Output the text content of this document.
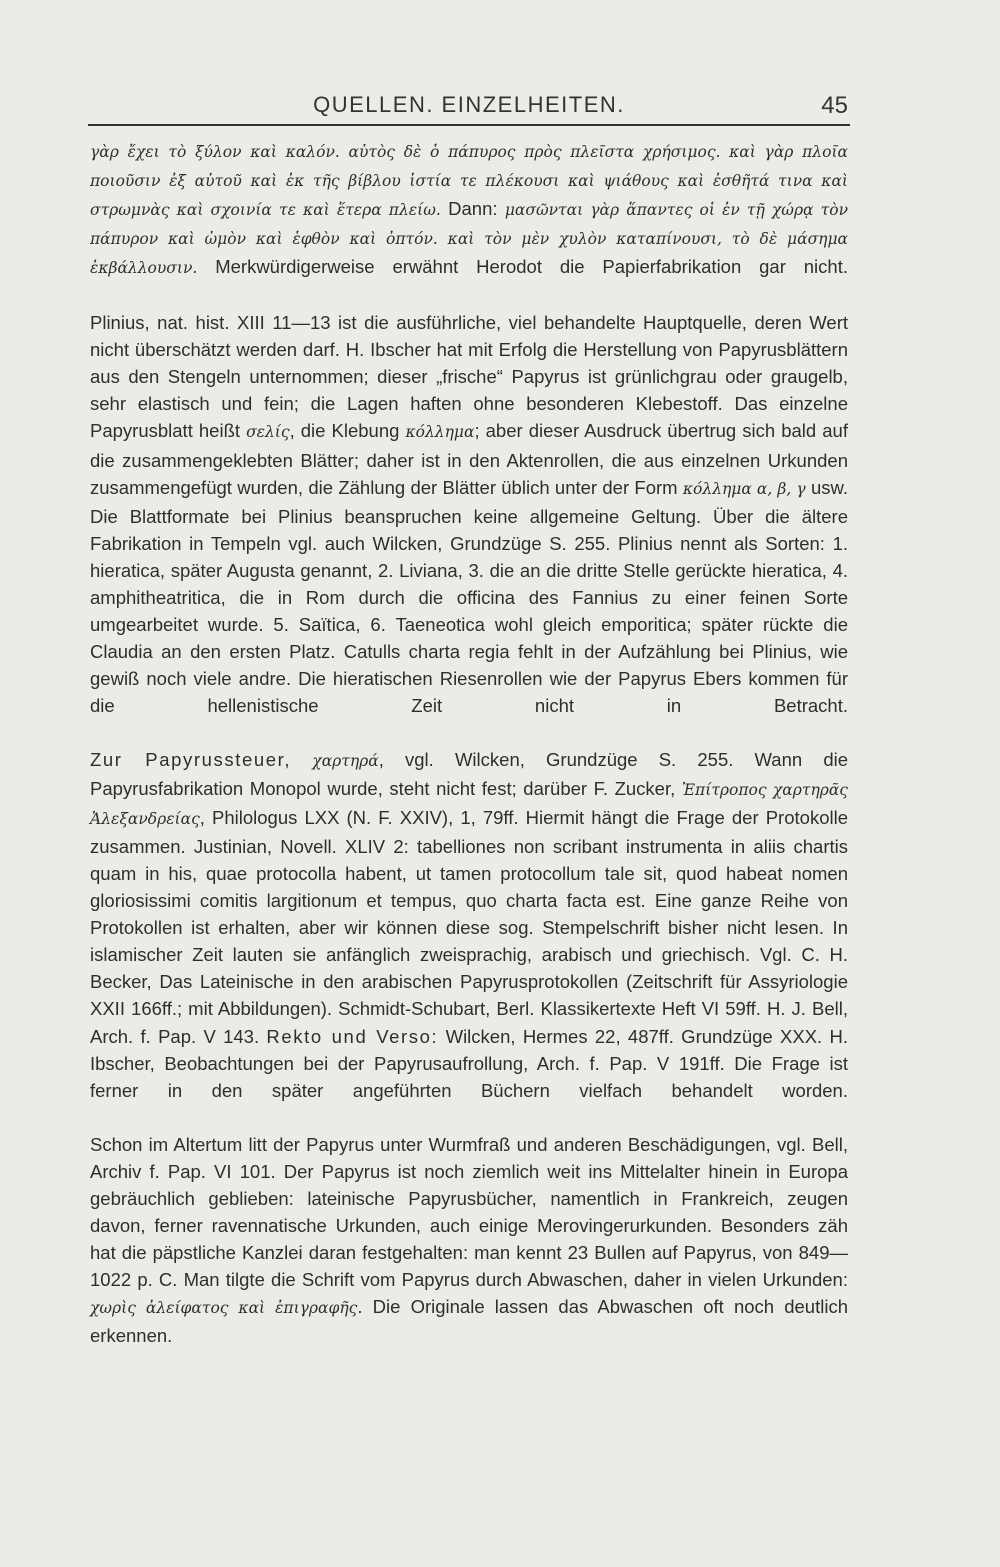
QUELLEN. EINZELHEITEN.	45

γὰρ ἔχει τὸ ξύλον καὶ καλόν. αὐτὸς δὲ ὁ πάπυρος πρὸς πλεῖστα χρήσιμος. καὶ γὰρ πλοῖα ποιοῦσιν ἐξ αὐτοῦ καὶ ἐκ τῆς βίβλου ἱστία τε πλέκουσι καὶ ψιάθους καὶ ἐσθῆτά τινα καὶ στρωμνὰς καὶ σχοινία τε καὶ ἕτερα πλείω. Dann: μασῶνται γὰρ ἅπαντες οἱ ἐν τῇ χώρᾳ τὸν πάπυρον καὶ ὠμὸν καὶ ἑφθὸν καὶ ὀπτόν. καὶ τὸν μὲν χυλὸν καταπίνουσι, τὸ δὲ μάσημα ἐκβάλλουσιν. Merkwürdigerweise erwähnt Herodot die Papierfabrikation gar nicht.

Plinius, nat. hist. XIII 11—13 ist die ausführliche, viel behandelte Hauptquelle, deren Wert nicht überschätzt werden darf. H. Ibscher hat mit Erfolg die Herstellung von Papyrusblättern aus den Stengeln unternommen; dieser „frische“ Papyrus ist grünlichgrau oder graugelb, sehr elastisch und fein; die Lagen haften ohne besonderen Klebestoff. Das einzelne Papyrusblatt heißt σελίς, die Klebung κόλλημα; aber dieser Ausdruck übertrug sich bald auf die zusammengeklebten Blätter; daher ist in den Aktenrollen, die aus einzelnen Urkunden zusammengefügt wurden, die Zählung der Blätter üblich unter der Form κόλλημα α, β, γ usw. Die Blattformate bei Plinius beanspruchen keine allgemeine Geltung. Über die ältere Fabrikation in Tempeln vgl. auch Wilcken, Grundzüge S. 255. Plinius nennt als Sorten: 1. hieratica, später Augusta genannt, 2. Liviana, 3. die an die dritte Stelle gerückte hieratica, 4. amphitheatritica, die in Rom durch die officina des Fannius zu einer feinen Sorte umgearbeitet wurde. 5. Saïtica, 6. Taeneotica wohl gleich emporitica; später rückte die Claudia an den ersten Platz. Catulls charta regia fehlt in der Aufzählung bei Plinius, wie gewiß noch viele andre. Die hieratischen Riesenrollen wie der Papyrus Ebers kommen für die hellenistische Zeit nicht in Betracht.

Zur Papyrussteuer, χαρτηρά, vgl. Wilcken, Grundzüge S. 255. Wann die Papyrusfabrikation Monopol wurde, steht nicht fest; darüber F. Zucker, Ἐπίτροπος χαρτηρᾶς Ἀλεξανδρείας, Philologus LXX (N. F. XXIV), 1, 79ff. Hiermit hängt die Frage der Protokolle zusammen. Justinian, Novell. XLIV 2: tabelliones non scribant instrumenta in aliis chartis quam in his, quae protocolla habent, ut tamen protocollum tale sit, quod habeat nomen gloriosissimi comitis largitionum et tempus, quo charta facta est. Eine ganze Reihe von Protokollen ist erhalten, aber wir können diese sog. Stempelschrift bisher nicht lesen. In islamischer Zeit lauten sie anfänglich zweisprachig, arabisch und griechisch. Vgl. C. H. Becker, Das Lateinische in den arabischen Papyrusprotokollen (Zeitschrift für Assyriologie XXII 166ff.; mit Abbildungen). Schmidt-Schubart, Berl. Klassikertexte Heft VI 59ff. H. J. Bell, Arch. f. Pap. V 143. Rekto und Verso: Wilcken, Hermes 22, 487ff. Grundzüge XXX. H. Ibscher, Beobachtungen bei der Papyrusaufrollung, Arch. f. Pap. V 191ff. Die Frage ist ferner in den später angeführten Büchern vielfach behandelt worden.

Schon im Altertum litt der Papyrus unter Wurmfraß und anderen Beschädigungen, vgl. Bell, Archiv f. Pap. VI 101. Der Papyrus ist noch ziemlich weit ins Mittelalter hinein in Europa gebräuchlich geblieben: lateinische Papyrusbücher, namentlich in Frankreich, zeugen davon, ferner ravennatische Urkunden, auch einige Merovingerurkunden. Besonders zäh hat die päpstliche Kanzlei daran festgehalten: man kennt 23 Bullen auf Papyrus, von 849—1022 p. C. Man tilgte die Schrift vom Papyrus durch Abwaschen, daher in vielen Urkunden: χωρὶς ἀλείφατος καὶ ἐπιγραφῆς. Die Originale lassen das Abwaschen oft noch deutlich erkennen.
